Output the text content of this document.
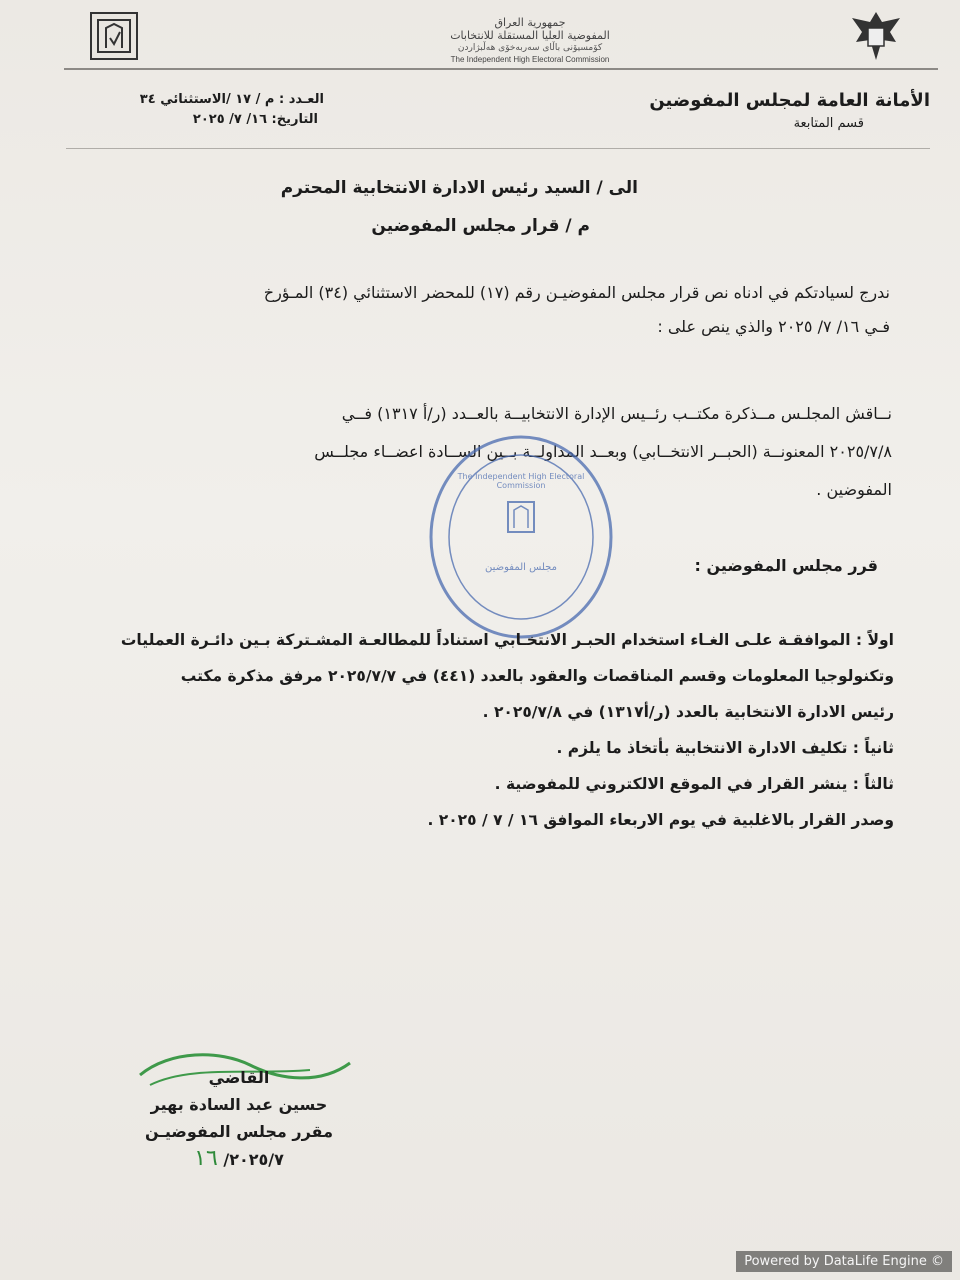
جمهورية العراق
المفوضية العليا المستقلة للانتخابات
كۆمسیۆنی باڵای سەربەخۆی هەڵبژاردن
The Independent High Electoral Commission
الأمانة العامة لمجلس المفوضين
قسم المتابعة
العـدد : م / ١٧ /الاستثنائي ٣٤
التاريخ: ١٦/ ٧/ ٢٠٢٥
الى / السيد رئيس الادارة الانتخابية المحترم
م / قرار مجلس المفوضين
ندرج لسيادتكم في ادناه نص قرار مجلس المفوضيـن رقم (١٧) للمحضر الاستثنائي (٣٤) المـؤرخ
فـي ١٦/ ٧/ ٢٠٢٥ والذي ينص على :
نــاقش المجلـس مــذكرة مكتــب رئــيس الإدارة الانتخابيــة بالعــدد (ر/أ ١٣١٧) فــي
٢٠٢٥/٧/٨ المعنونــة (الحبــر الانتخــابي) وبعــد المداولــة بــين الســادة اعضــاء مجلــس
المفوضين .
مجلس المفوضين
The Independent High Electoral Commission
قرر مجلس المفوضين :
اولاً : الموافقـة علـى الغـاء استخدام الحبـر الانتخـابي استناداً للمطالعـة المشـتركة بـين دائـرة العمليات
وتكنولوجيا المعلومات وقسم المناقصات والعقود بالعدد (٤٤١) في ٢٠٢٥/٧/٧ مرفق مذكرة مكتب
رئيس الادارة الانتخابية بالعدد (ر/أ١٣١٧) في ٢٠٢٥/٧/٨ .
ثانياً : تكليف الادارة الانتخابية بأتخاذ ما يلزم .
ثالثاً : ينشر القرار في الموقع الالكتروني للمفوضية .
وصدر القرار بالاغلبية في يوم الاربعاء الموافق ١٦ / ٧ / ٢٠٢٥ .
القاضي
حسين عبد السادة بهير
مقرر مجلس المفوضيـن
٢٠٢٥/٧/ ١٦
Powered by DataLife Engine ©
